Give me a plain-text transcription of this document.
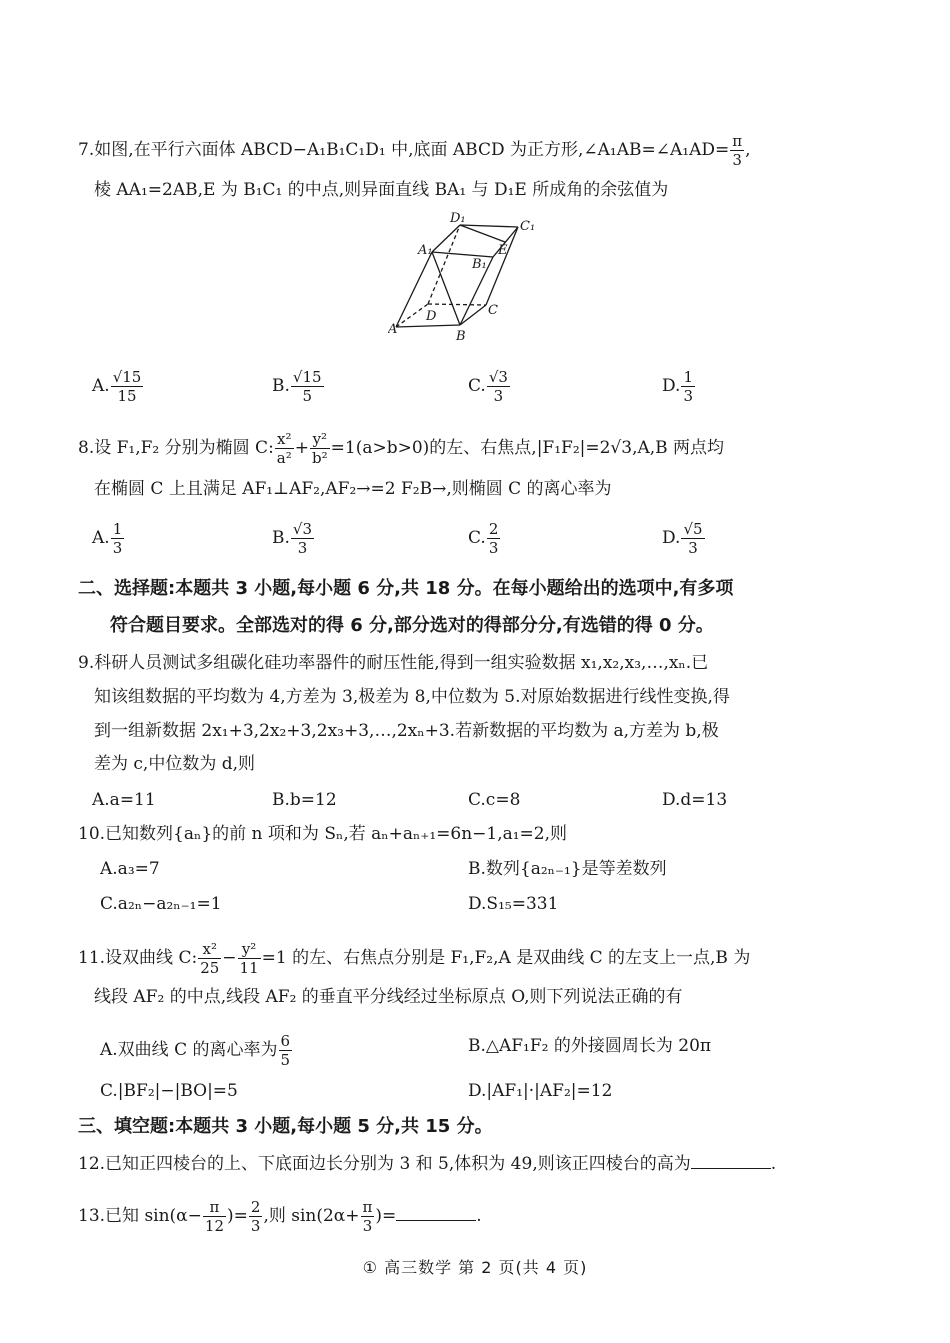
7.如图,在平行六面体 ABCD−A₁B₁C₁D₁ 中,底面 ABCD 为正方形,∠A₁AB=∠A₁AD= $\frac{\pi}{3}$ ,
棱 AA₁=2AB,E 为 B₁C₁ 的中点,则异面直线 BA₁ 与 D₁E 所成角的余弦值为
D₁
C₁
A₁
B₁
E
D	C
A	B
A. $\frac{√15}{15}$	B. $\frac{√15}{5}$	C. $\frac{√3}{3}$	D. $\frac{1}{3}$
8.设 F₁,F₂ 分别为椭圆 C: $\frac{\text{x²}}{\text{a²}} + \frac{\text{y²}}{\text{b²}} =1(a>b>0)$的左、右焦点,|F₁F₂|=2√3,A,B 两点均
在椭圆 C 上且满足 AF₁⊥AF₂,AF₂→=2 F₂B→,则椭圆 C 的离心率为
A. $\frac{1}{3}$	B. $\frac{√3}{3}$	C. $\frac{2}{3}$	D. $\frac{√5}{3}$
二、选择题:本题共 3 小题,每小题 6 分,共 18 分。在每小题给出的选项中,有多项
符合题目要求。全部选对的得 6 分,部分选对的得部分分,有选错的得 0 分。
9.科研人员测试多组碳化硅功率器件的耐压性能,得到一组实验数据 x₁,x₂,x₃,…,xₙ.已
知该组数据的平均数为 4,方差为 3,极差为 8,中位数为 5.对原始数据进行线性变换,得
到一组新数据 2x₁+3,2x₂+3,2x₃+3,…,2xₙ+3.若新数据的平均数为 a,方差为 b,极
差为 c,中位数为 d,则
A.a=11	B.b=12	C.c=8	D.d=13
10.已知数列{aₙ}的前 n 项和为 Sₙ,若 aₙ+aₙ₊₁=6n−1,a₁=2,则
A.a₃=7	B.数列{a₂ₙ₋₁}是等差数列
C.a₂ₙ−a₂ₙ₋₁=1	D.S₁₅=331
11.设双曲线 C: $\frac{\text{x²}}{25} - \frac{\text{y²}}{11} =1$ 的左、右焦点分别是 F₁,F₂,A 是双曲线 C 的左支上一点,B 为
线段 AF₂ 的中点,线段 AF₂ 的垂直平分线经过坐标原点 O,则下列说法正确的有
A.双曲线 C 的离心率为 $\frac{6}{5}$	B.△AF₁F₂ 的外接圆周长为 20π
C.|BF₂|−|BO|=5	D.|AF₁|·|AF₂|=12
三、填空题:本题共 3 小题,每小题 5 分,共 15 分。
12.已知正四棱台的上、下底面边长分别为 3 和 5,体积为 49,则该正四棱台的高为	.
13.已知 $\sin(\alpha- \frac{\pi}{12}$ )= $\frac{2}{3}$ ,则 $\sin(2\alpha+ \frac{\pi}{3}$ )=	.
① 高三数学 第 2 页(共 4 页)
